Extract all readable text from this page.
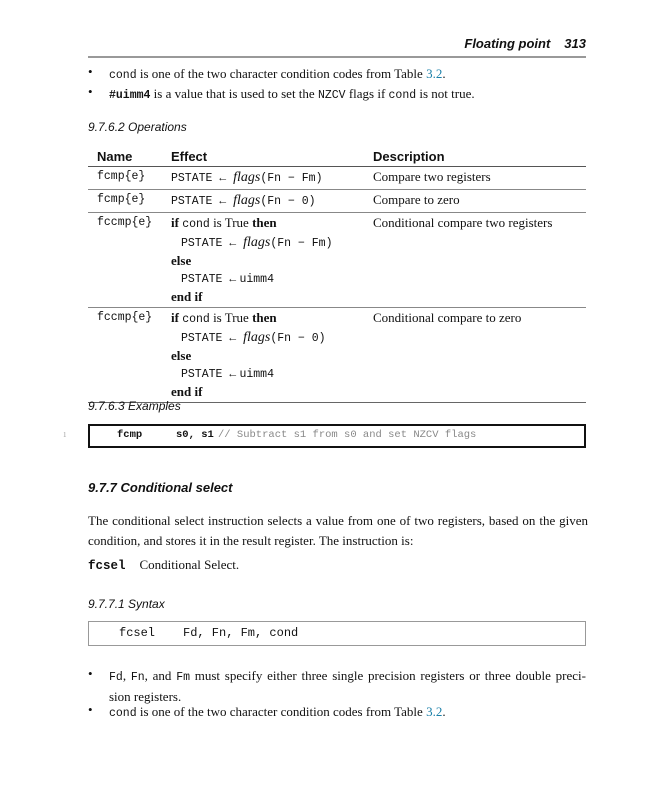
Floating point 313
• cond is one of the two character condition codes from Table 3.2.
• #uimm4 is a value that is used to set the NZCV flags if cond is not true.
9.7.6.2 Operations
Name	Effect	Description
fcmp{e}	PSTATE ← flags(Fn − Fm)	Compare two registers
fcmp{e}	PSTATE ← flags(Fn − 0)	Compare to zero
fccmp{e}	if cond is True then
PSTATE ← flags(Fn − Fm)
else
PSTATE ← uimm4
end if	Conditional compare two registers
fccmp{e}	if cond is True then
PSTATE ← flags(Fn − 0)
else
PSTATE ← uimm4
end if	Conditional compare to zero
9.7.6.3 Examples
1	fcmp	s0, s1 // Subtract s1 from s0 and set NZCV flags
9.7.7 Conditional select
The conditional select instruction selects a value from one of two registers, based on the given condition, and stores it in the result register. The instruction is:
fcsel Conditional Select.
9.7.7.1 Syntax
fcsel Fd, Fn, Fm, cond
• Fd, Fn, and Fm must specify either three single precision registers or three double preci-sion registers.
• cond is one of the two character condition codes from Table 3.2.
